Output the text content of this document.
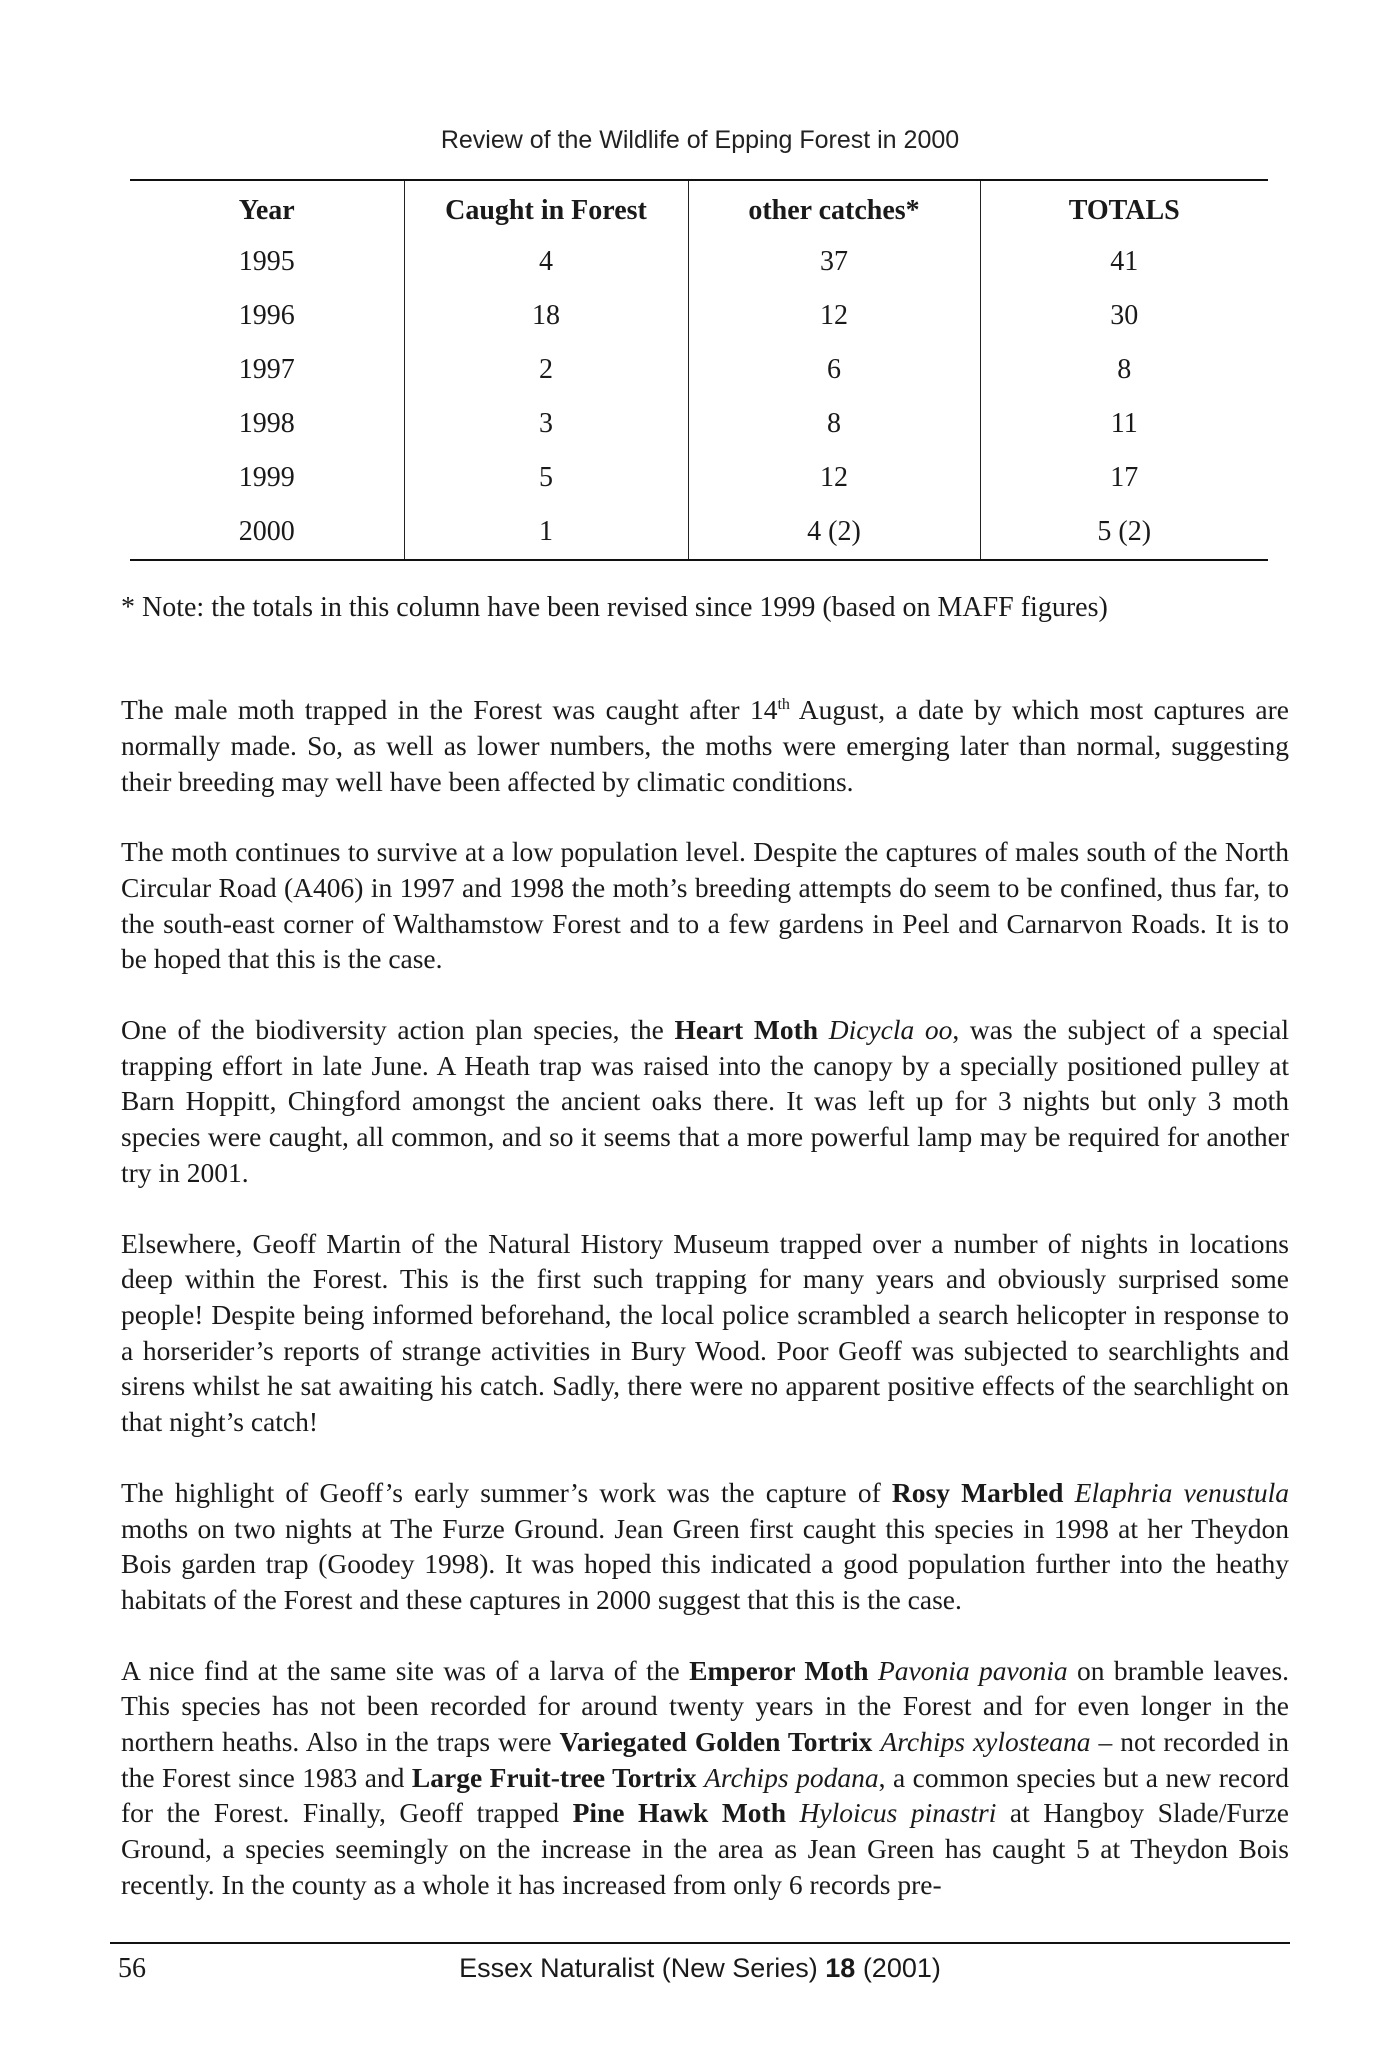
Review of the Wildlife of Epping Forest in 2000
Year	Caught in Forest	other catches*	TOTALS
1995	4	37	41
1996	18	12	30
1997	2	6	8
1998	3	8	11
1999	5	12	17
2000	1	4 (2)	5 (2)
* Note: the totals in this column have been revised since 1999 (based on MAFF figures)

The male moth trapped in the Forest was caught after 14th August, a date by which most captures are normally made. So, as well as lower numbers, the moths were emerging later than normal, suggesting their breeding may well have been affected by climatic conditions.

The moth continues to survive at a low population level. Despite the captures of males south of the North Circular Road (A406) in 1997 and 1998 the moth’s breeding attempts do seem to be confined, thus far, to the south-east corner of Walthamstow Forest and to a few gardens in Peel and Carnarvon Roads. It is to be hoped that this is the case.

One of the biodiversity action plan species, the Heart Moth Dicycla oo, was the subject of a special trapping effort in late June. A Heath trap was raised into the canopy by a specially positioned pulley at Barn Hoppitt, Chingford amongst the ancient oaks there. It was left up for 3 nights but only 3 moth species were caught, all common, and so it seems that a more powerful lamp may be required for another try in 2001.

Elsewhere, Geoff Martin of the Natural History Museum trapped over a number of nights in locations deep within the Forest. This is the first such trapping for many years and obviously surprised some people! Despite being informed beforehand, the local police scrambled a search helicopter in response to a horserider’s reports of strange activities in Bury Wood. Poor Geoff was subjected to searchlights and sirens whilst he sat awaiting his catch. Sadly, there were no apparent positive effects of the searchlight on that night’s catch!

The highlight of Geoff’s early summer’s work was the capture of Rosy Marbled Elaphria venustula moths on two nights at The Furze Ground. Jean Green first caught this species in 1998 at her Theydon Bois garden trap (Goodey 1998). It was hoped this indicated a good population further into the heathy habitats of the Forest and these captures in 2000 suggest that this is the case.

A nice find at the same site was of a larva of the Emperor Moth Pavonia pavonia on bramble leaves. This species has not been recorded for around twenty years in the Forest and for even longer in the northern heaths. Also in the traps were Variegated Golden Tortrix Archips xylosteana – not recorded in the Forest since 1983 and Large Fruit-tree Tortrix Archips podana, a common species but a new record for the Forest. Finally, Geoff trapped Pine Hawk Moth Hyloicus pinastri at Hangboy Slade/Furze Ground, a species seemingly on the increase in the area as Jean Green has caught 5 at Theydon Bois recently. In the county as a whole it has increased from only 6 records pre-

56	Essex Naturalist (New Series) 18 (2001)
